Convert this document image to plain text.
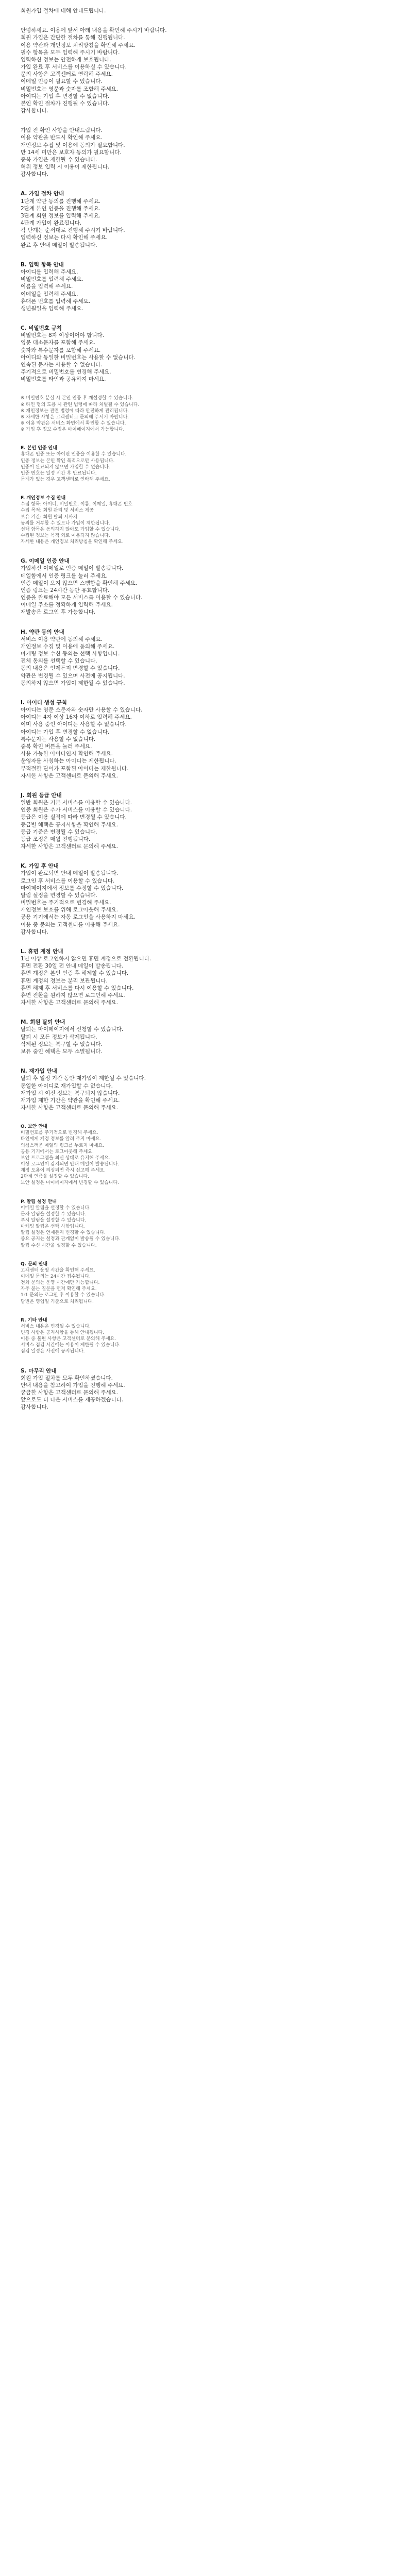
회원가입 절차에 대해 안내드립니다.
안녕하세요. 이용에 앞서 아래 내용을 확인해 주시기 바랍니다.
회원 가입은 간단한 절차를 통해 진행됩니다.
이용 약관과 개인정보 처리방침을 확인해 주세요.
필수 항목을 모두 입력해 주시기 바랍니다.
입력하신 정보는 안전하게 보호됩니다.
가입 완료 후 서비스를 이용하실 수 있습니다.
문의 사항은 고객센터로 연락해 주세요.
이메일 인증이 필요할 수 있습니다.
비밀번호는 영문과 숫자를 조합해 주세요.
아이디는 가입 후 변경할 수 없습니다.
본인 확인 절차가 진행될 수 있습니다.
감사합니다.
가입 전 확인 사항을 안내드립니다.
이용 약관을 반드시 확인해 주세요.
개인정보 수집 및 이용에 동의가 필요합니다.
만 14세 미만은 보호자 동의가 필요합니다.
중복 가입은 제한될 수 있습니다.
허위 정보 입력 시 이용이 제한됩니다.
감사합니다.
A. 가입 절차 안내
1단계 약관 동의를 진행해 주세요.
2단계 본인 인증을 진행해 주세요.
3단계 회원 정보를 입력해 주세요.
4단계 가입이 완료됩니다.
각 단계는 순서대로 진행해 주시기 바랍니다.
입력하신 정보는 다시 확인해 주세요.
완료 후 안내 메일이 발송됩니다.
B. 입력 항목 안내
아이디를 입력해 주세요.
비밀번호를 입력해 주세요.
이름을 입력해 주세요.
이메일을 입력해 주세요.
휴대폰 번호를 입력해 주세요.
생년월일을 입력해 주세요.
C. 비밀번호 규칙
비밀번호는 8자 이상이어야 합니다.
영문 대소문자를 포함해 주세요.
숫자와 특수문자를 포함해 주세요.
아이디와 동일한 비밀번호는 사용할 수 없습니다.
연속된 문자는 사용할 수 없습니다.
주기적으로 비밀번호를 변경해 주세요.
비밀번호를 타인과 공유하지 마세요.
※ 비밀번호 분실 시 본인 인증 후 재설정할 수 있습니다.
※ 타인 명의 도용 시 관련 법령에 따라 처벌될 수 있습니다.
※ 개인정보는 관련 법령에 따라 안전하게 관리됩니다.
※ 자세한 사항은 고객센터로 문의해 주시기 바랍니다.
※ 이용 약관은 서비스 화면에서 확인할 수 있습니다.
※ 가입 후 정보 수정은 마이페이지에서 가능합니다.
E. 본인 인증 안내
휴대폰 인증 또는 아이핀 인증을 이용할 수 있습니다.
인증 정보는 본인 확인 목적으로만 사용됩니다.
인증이 완료되지 않으면 가입할 수 없습니다.
인증 번호는 일정 시간 후 만료됩니다.
문제가 있는 경우 고객센터로 연락해 주세요.
F. 개인정보 수집 안내
수집 항목: 아이디, 비밀번호, 이름, 이메일, 휴대폰 번호
수집 목적: 회원 관리 및 서비스 제공
보유 기간: 회원 탈퇴 시까지
동의를 거부할 수 있으나 가입이 제한됩니다.
선택 항목은 동의하지 않아도 가입할 수 있습니다.
수집된 정보는 목적 외로 이용되지 않습니다.
자세한 내용은 개인정보 처리방침을 확인해 주세요.
G. 이메일 인증 안내
가입하신 이메일로 인증 메일이 발송됩니다.
메일함에서 인증 링크를 눌러 주세요.
인증 메일이 오지 않으면 스팸함을 확인해 주세요.
인증 링크는 24시간 동안 유효합니다.
인증을 완료해야 모든 서비스를 이용할 수 있습니다.
이메일 주소를 정확하게 입력해 주세요.
재발송은 로그인 후 가능합니다.
H. 약관 동의 안내
서비스 이용 약관에 동의해 주세요.
개인정보 수집 및 이용에 동의해 주세요.
마케팅 정보 수신 동의는 선택 사항입니다.
전체 동의를 선택할 수 있습니다.
동의 내용은 언제든지 변경할 수 있습니다.
약관은 변경될 수 있으며 사전에 공지됩니다.
동의하지 않으면 가입이 제한될 수 있습니다.
I. 아이디 생성 규칙
아이디는 영문 소문자와 숫자만 사용할 수 있습니다.
아이디는 4자 이상 16자 이하로 입력해 주세요.
이미 사용 중인 아이디는 사용할 수 없습니다.
아이디는 가입 후 변경할 수 없습니다.
특수문자는 사용할 수 없습니다.
중복 확인 버튼을 눌러 주세요.
사용 가능한 아이디인지 확인해 주세요.
운영자를 사칭하는 아이디는 제한됩니다.
부적절한 단어가 포함된 아이디는 제한됩니다.
자세한 사항은 고객센터로 문의해 주세요.
J. 회원 등급 안내
일반 회원은 기본 서비스를 이용할 수 있습니다.
인증 회원은 추가 서비스를 이용할 수 있습니다.
등급은 이용 실적에 따라 변경될 수 있습니다.
등급별 혜택은 공지사항을 확인해 주세요.
등급 기준은 변경될 수 있습니다.
등급 조정은 매월 진행됩니다.
자세한 사항은 고객센터로 문의해 주세요.
K. 가입 후 안내
가입이 완료되면 안내 메일이 발송됩니다.
로그인 후 서비스를 이용할 수 있습니다.
마이페이지에서 정보를 수정할 수 있습니다.
알림 설정을 변경할 수 있습니다.
비밀번호는 주기적으로 변경해 주세요.
개인정보 보호를 위해 로그아웃해 주세요.
공용 기기에서는 자동 로그인을 사용하지 마세요.
이용 중 문의는 고객센터를 이용해 주세요.
감사합니다.
L. 휴면 계정 안내
1년 이상 로그인하지 않으면 휴면 계정으로 전환됩니다.
휴면 전환 30일 전 안내 메일이 발송됩니다.
휴면 계정은 본인 인증 후 해제할 수 있습니다.
휴면 계정의 정보는 분리 보관됩니다.
휴면 해제 후 서비스를 다시 이용할 수 있습니다.
휴면 전환을 원하지 않으면 로그인해 주세요.
자세한 사항은 고객센터로 문의해 주세요.
M. 회원 탈퇴 안내
탈퇴는 마이페이지에서 신청할 수 있습니다.
탈퇴 시 모든 정보가 삭제됩니다.
삭제된 정보는 복구할 수 없습니다.
보유 중인 혜택은 모두 소멸됩니다.
N. 재가입 안내
탈퇴 후 일정 기간 동안 재가입이 제한될 수 있습니다.
동일한 아이디로 재가입할 수 없습니다.
재가입 시 이전 정보는 복구되지 않습니다.
재가입 제한 기간은 약관을 확인해 주세요.
자세한 사항은 고객센터로 문의해 주세요.
O. 보안 안내
비밀번호를 주기적으로 변경해 주세요.
타인에게 계정 정보를 알려 주지 마세요.
의심스러운 메일의 링크를 누르지 마세요.
공용 기기에서는 로그아웃해 주세요.
보안 프로그램을 최신 상태로 유지해 주세요.
이상 로그인이 감지되면 안내 메일이 발송됩니다.
계정 도용이 의심되면 즉시 신고해 주세요.
2단계 인증을 설정할 수 있습니다.
보안 설정은 마이페이지에서 변경할 수 있습니다.
P. 알림 설정 안내
이메일 알림을 설정할 수 있습니다.
문자 알림을 설정할 수 있습니다.
푸시 알림을 설정할 수 있습니다.
마케팅 알림은 선택 사항입니다.
알림 설정은 언제든지 변경할 수 있습니다.
중요 공지는 설정과 관계없이 발송될 수 있습니다.
알림 수신 시간을 설정할 수 있습니다.
Q. 문의 안내
고객센터 운영 시간을 확인해 주세요.
이메일 문의는 24시간 접수됩니다.
전화 문의는 운영 시간에만 가능합니다.
자주 묻는 질문을 먼저 확인해 주세요.
1:1 문의는 로그인 후 이용할 수 있습니다.
답변은 영업일 기준으로 처리됩니다.
R. 기타 안내
서비스 내용은 변경될 수 있습니다.
변경 사항은 공지사항을 통해 안내됩니다.
이용 중 불편 사항은 고객센터로 문의해 주세요.
서비스 점검 시간에는 이용이 제한될 수 있습니다.
점검 일정은 사전에 공지됩니다.
S. 마무리 안내
회원 가입 절차를 모두 확인하셨습니다.
안내 내용을 참고하여 가입을 진행해 주세요.
궁금한 사항은 고객센터로 문의해 주세요.
앞으로도 더 나은 서비스를 제공하겠습니다.
감사합니다.
